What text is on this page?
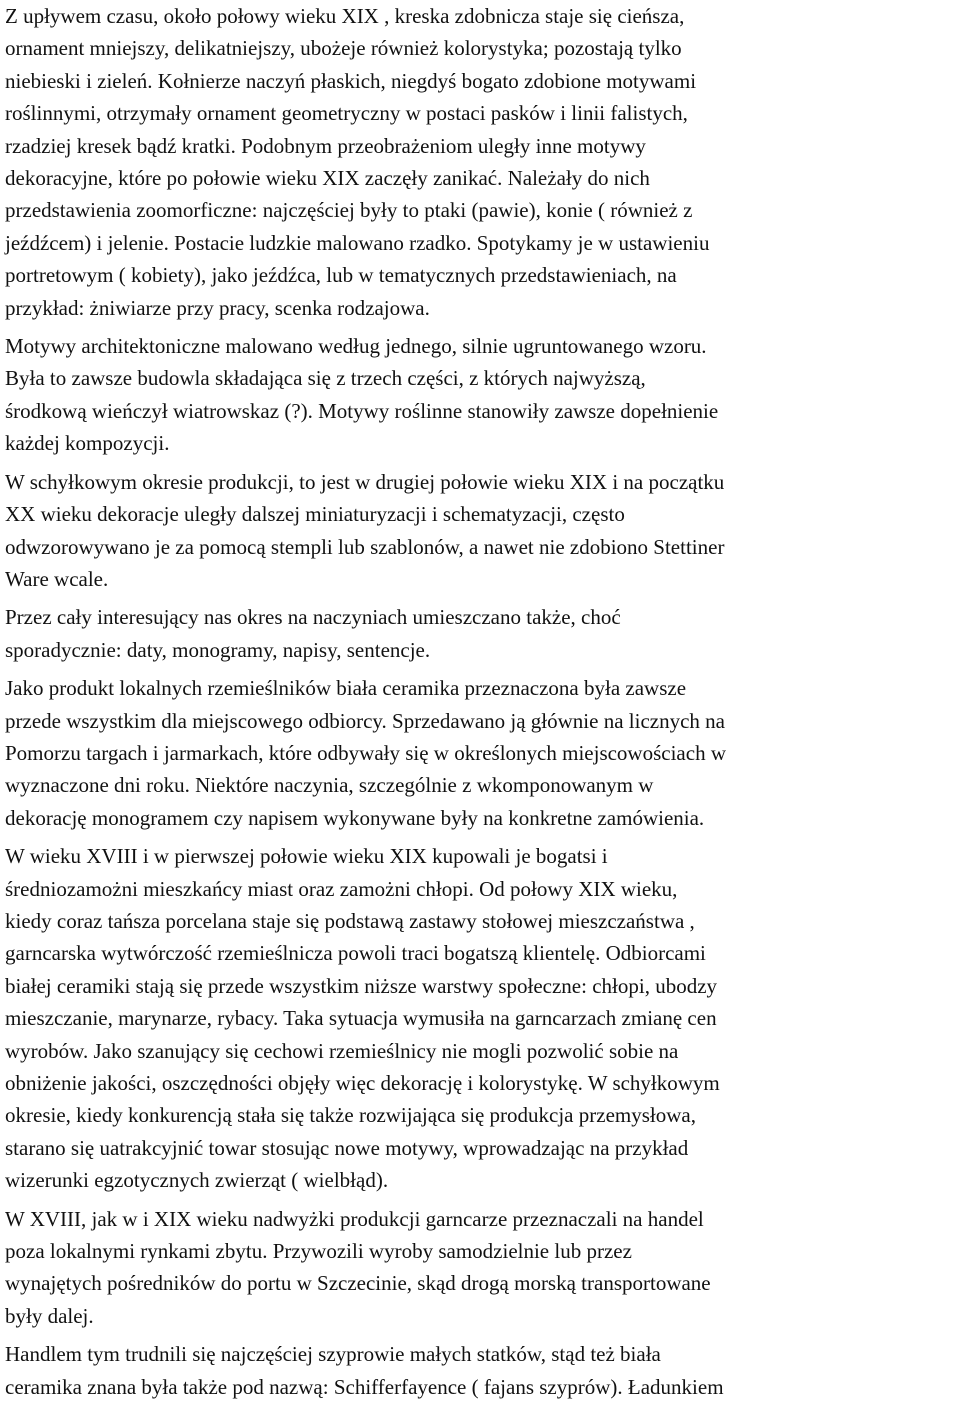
Z upływem czasu, około połowy wieku XIX , kreska zdobnicza staje się cieńsza,
ornament mniejszy, delikatniejszy, ubożeje również kolorystyka; pozostają tylko
niebieski i zieleń. Kołnierze naczyń płaskich, niegdyś bogato zdobione motywami
roślinnymi, otrzymały ornament geometryczny w postaci pasków i linii falistych,
rzadziej kresek bądź kratki. Podobnym przeobrażeniom uległy inne motywy
dekoracyjne, które po połowie wieku XIX zaczęły zanikać. Należały do nich
przedstawienia zoomorficzne: najczęściej były to ptaki (pawie), konie ( również z
jeźdźcem) i jelenie. Postacie ludzkie malowano rzadko. Spotykamy je w ustawieniu
portretowym ( kobiety), jako jeźdźca, lub w tematycznych przedstawieniach, na
przykład: żniwiarze przy pracy, scenka rodzajowa.

Motywy architektoniczne malowano według jednego, silnie ugruntowanego wzoru.
Była to zawsze budowla składająca się z trzech części, z których najwyższą,
środkową wieńczył wiatrowskaz (?). Motywy roślinne stanowiły zawsze dopełnienie
każdej kompozycji.

W schyłkowym okresie produkcji, to jest w drugiej połowie wieku XIX i na początku
XX wieku dekoracje uległy dalszej miniaturyzacji i schematyzacji, często
odwzorowywano je za pomocą stempli lub szablonów, a nawet nie zdobiono Stettiner
Ware wcale.

Przez cały interesujący nas okres na naczyniach umieszczano także, choć
sporadycznie: daty, monogramy, napisy, sentencje.

Jako produkt lokalnych rzemieślników biała ceramika przeznaczona była zawsze
przede wszystkim dla miejscowego odbiorcy. Sprzedawano ją głównie na licznych na
Pomorzu targach i jarmarkach, które odbywały się w określonych miejscowościach w
wyznaczone dni roku. Niektóre naczynia, szczególnie z wkomponowanym w
dekorację monogramem czy napisem wykonywane były na konkretne zamówienia.

W wieku XVIII i w pierwszej połowie wieku XIX kupowali je bogatsi i
średniozamożni mieszkańcy miast oraz zamożni chłopi. Od połowy XIX wieku,
kiedy coraz tańsza porcelana staje się podstawą zastawy stołowej mieszczaństwa ,
garncarska wytwórczość rzemieślnicza powoli traci bogatszą klientelę. Odbiorcami
białej ceramiki stają się przede wszystkim niższe warstwy społeczne: chłopi, ubodzy
mieszczanie, marynarze, rybacy. Taka sytuacja wymusiła na garncarzach zmianę cen
wyrobów. Jako szanujący się cechowi rzemieślnicy nie mogli pozwolić sobie na
obniżenie jakości, oszczędności objęły więc dekorację i kolorystykę. W schyłkowym
okresie, kiedy konkurencją stała się także rozwijająca się produkcja przemysłowa,
starano się uatrakcyjnić towar stosując nowe motywy, wprowadzając na przykład
wizerunki egzotycznych zwierząt ( wielbłąd).

W XVIII, jak w i XIX wieku nadwyżki produkcji garncarze przeznaczali na handel
poza lokalnymi rynkami zbytu. Przywozili wyroby samodzielnie lub przez
wynajętych pośredników do portu w Szczecinie, skąd drogą morską transportowane
były dalej.

Handlem tym trudnili się najczęściej szyprowie małych statków, stąd też biała
ceramika znana była także pod nazwą: Schifferfayence ( fajans szyprów). Ładunkiem
